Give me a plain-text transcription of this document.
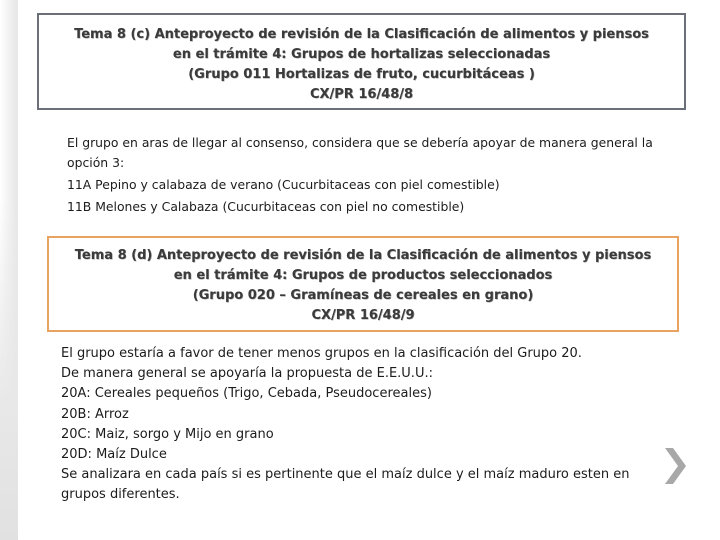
Tema 8 (c) Anteproyecto de revisión de la Clasificación de alimentos y piensos
en el trámite 4: Grupos de hortalizas seleccionadas
(Grupo 011 Hortalizas de fruto, cucurbitáceas )
CX/PR 16/48/8

El grupo en aras de llegar al consenso, considera que se debería apoyar de manera general la opción 3:

11A Pepino y calabaza de verano (Cucurbitaceas con piel comestible)

11B Melones y Calabaza (Cucurbitaceas con piel no comestible)

Tema 8 (d) Anteproyecto de revisión de la Clasificación de alimentos y piensos
en el trámite 4: Grupos de productos seleccionados
(Grupo 020 – Gramíneas de cereales en grano)
CX/PR 16/48/9
El grupo estaría a favor de tener menos grupos en la clasificación del Grupo 20.
De manera general se apoyaría la propuesta de E.E.U.U.:
20A: Cereales pequeños (Trigo, Cebada, Pseudocereales)
20B: Arroz
20C: Maiz, sorgo y Mijo en grano
20D: Maíz Dulce
Se analizara en cada país si es pertinente que el maíz dulce y el maíz maduro esten en grupos diferentes.
